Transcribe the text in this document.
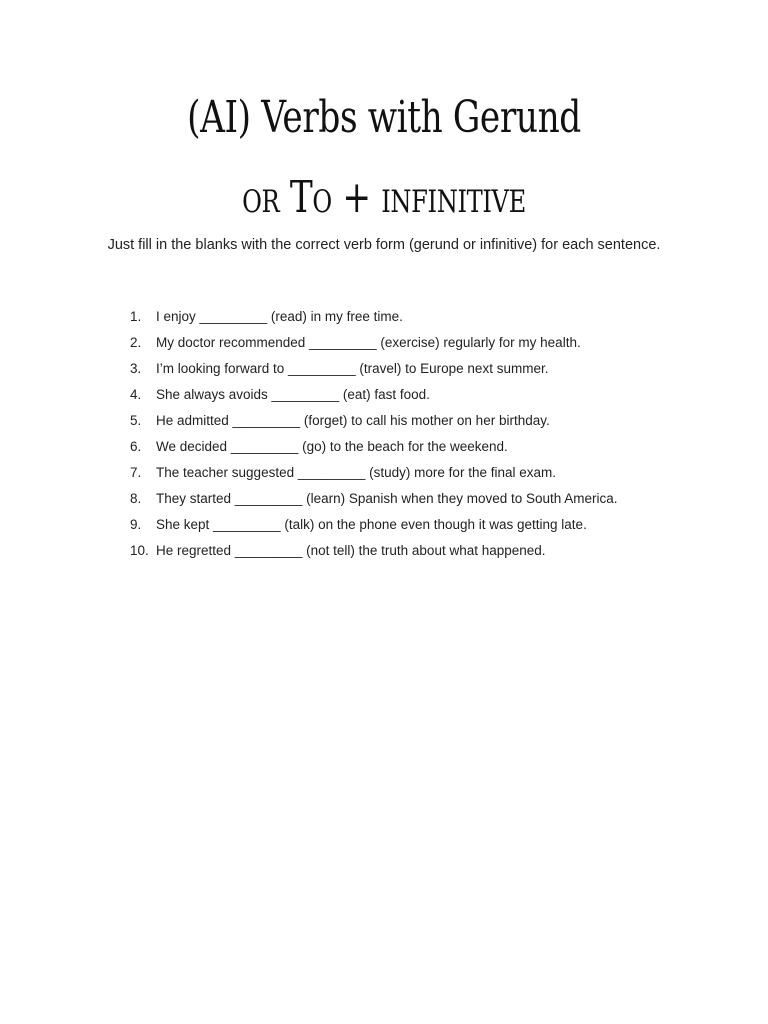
(AI) Verbs with Gerund
or To + infinitive
Just fill in the blanks with the correct verb form (gerund or infinitive) for each sentence.
1.	I enjoy _________ (read) in my free time.
2.	My doctor recommended _________ (exercise) regularly for my health.
3.	I’m looking forward to _________ (travel) to Europe next summer.
4.	She always avoids _________ (eat) fast food.
5.	He admitted _________ (forget) to call his mother on her birthday.
6.	We decided _________ (go) to the beach for the weekend.
7.	The teacher suggested _________ (study) more for the final exam.
8.	They started _________ (learn) Spanish when they moved to South America.
9.	She kept _________ (talk) on the phone even though it was getting late.
10. He regretted _________ (not tell) the truth about what happened.
